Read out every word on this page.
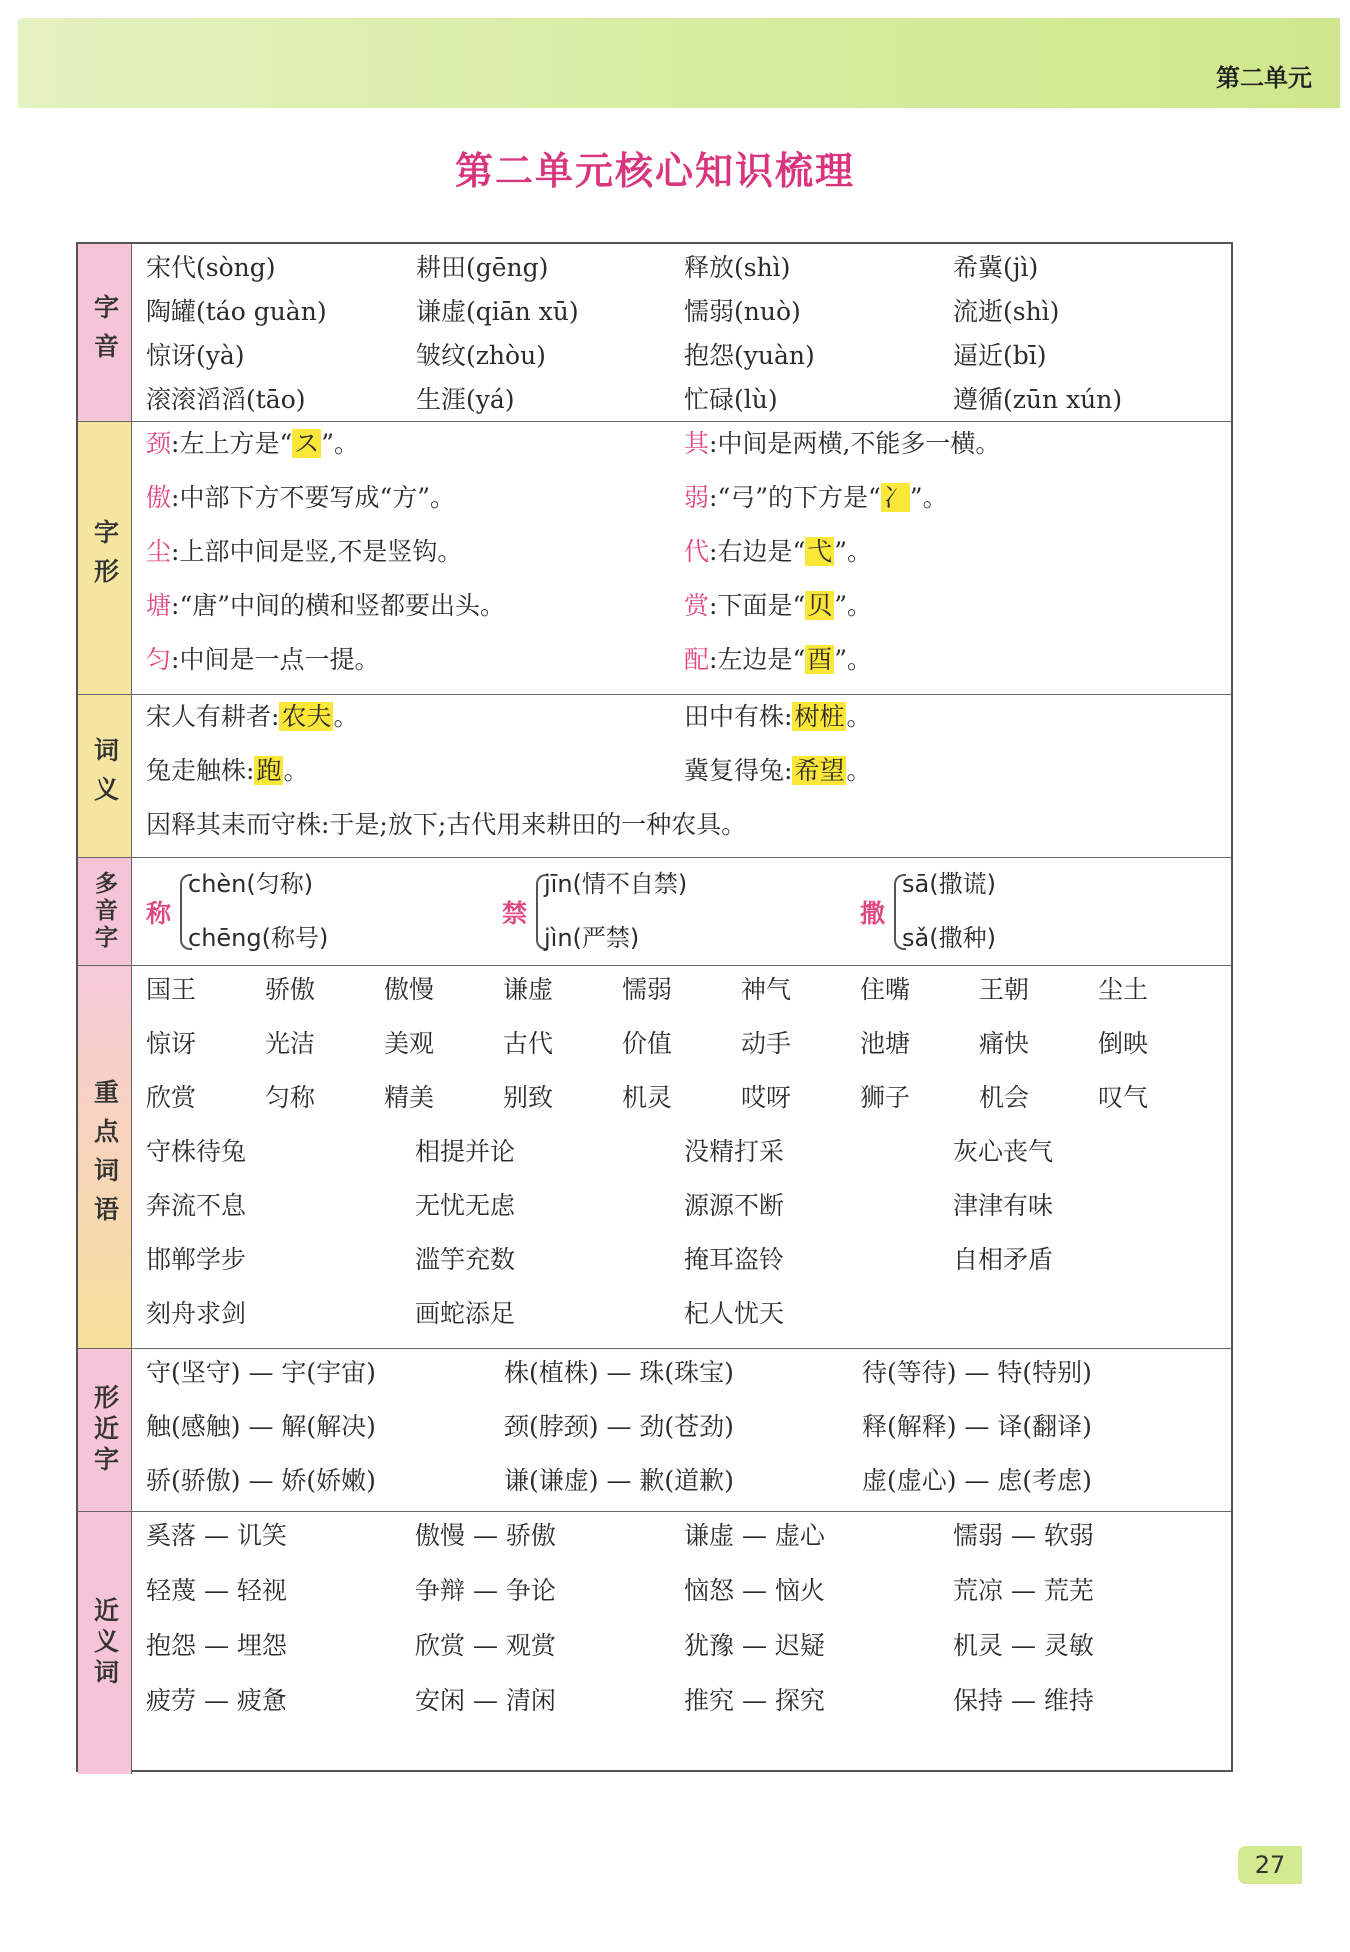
第二单元
第二单元核心知识梳理
字音
宋代(sòng)	耕田(gēng)	释放(shì)	希冀(jì)
陶罐(táo guàn)	谦虚(qiān xū)	懦弱(nuò)	流逝(shì)
惊讶(yà)	皱纹(zhòu)	抱怨(yuàn)	逼近(bī)
滚滚滔滔(tāo)	生涯(yá)	忙碌(lù)	遵循(zūn xún)
字形
颈:左上方是“ス”。	其:中间是两横,不能多一横。
傲:中部下方不要写成“方”。	弱:“弓”的下方是“冫”。
尘:上部中间是竖,不是竖钩。	代:右边是“弋”。
塘:“唐”中间的横和竖都要出头。	赏:下面是“贝”。
匀:中间是一点一提。	配:左边是“酉”。
词义
宋人有耕者:农夫。	田中有株:树桩。
兔走触株:跑。	冀复得兔:希望。
因释其耒而守株:于是;放下;古代用来耕田的一种农具。
多音字	称
chèn(匀称)
chēng(称号)
禁
jīn(情不自禁)
jìn(严禁)
撒
sā(撒谎)
sǎ(撒种)
重点词语
国王	骄傲	傲慢	谦虚	懦弱	神气	住嘴	王朝	尘土
惊讶	光洁	美观	古代	价值	动手	池塘	痛快	倒映
欣赏	匀称	精美	别致	机灵	哎呀	狮子	机会	叹气
守株待兔	相提并论	没精打采	灰心丧气
奔流不息	无忧无虑	源源不断	津津有味
邯郸学步	滥竽充数	掩耳盗铃	自相矛盾
刻舟求剑	画蛇添足	杞人忧天
形近字
守(坚守) — 宇(宇宙)	株(植株) — 珠(珠宝)	待(等待) — 特(特别)
触(感触) — 解(解决)	颈(脖颈) — 劲(苍劲)	释(解释) — 译(翻译)
骄(骄傲) — 娇(娇嫩)	谦(谦虚) — 歉(道歉)	虚(虚心) — 虑(考虑)
近义词
奚落 — 讥笑	傲慢 — 骄傲	谦虚 — 虚心	懦弱 — 软弱
轻蔑 — 轻视	争辩 — 争论	恼怒 — 恼火	荒凉 — 荒芜
抱怨 — 埋怨	欣赏 — 观赏	犹豫 — 迟疑	机灵 — 灵敏
疲劳 — 疲惫	安闲 — 清闲	推究 — 探究	保持 — 维持
27
